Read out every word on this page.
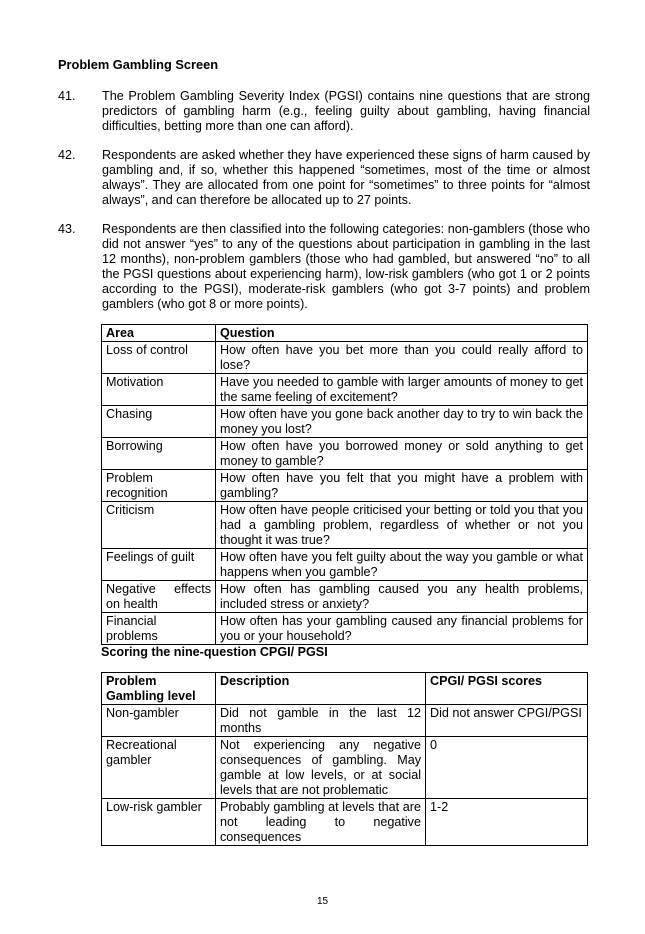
Problem Gambling Screen
41. The Problem Gambling Severity Index (PGSI) contains nine questions that are strong predictors of gambling harm (e.g., feeling guilty about gambling, having financial difficulties, betting more than one can afford).
42. Respondents are asked whether they have experienced these signs of harm caused by gambling and, if so, whether this happened “sometimes, most of the time or almost always”. They are allocated from one point for “sometimes” to three points for “almost always”, and can therefore be allocated up to 27 points.
43. Respondents are then classified into the following categories: non-gamblers (those who did not answer “yes” to any of the questions about participation in gambling in the last 12 months), non-problem gamblers (those who had gambled, but answered “no” to all the PGSI questions about experiencing harm), low-risk gamblers (who got 1 or 2 points according to the PGSI), moderate-risk gamblers (who got 3-7 points) and problem gamblers (who got 8 or more points).
Area	Question
Loss of control	How often have you bet more than you could really afford to lose?
Motivation	Have you needed to gamble with larger amounts of money to get the same feeling of excitement?
Chasing	How often have you gone back another day to try to win back the money you lost?
Borrowing	How often have you borrowed money or sold anything to get money to gamble?
Problem recognition	How often have you felt that you might have a problem with gambling?
Criticism	How often have people criticised your betting or told you that you had a gambling problem, regardless of whether or not you thought it was true?
Feelings of guilt	How often have you felt guilty about the way you gamble or what happens when you gamble?
Negative effects on health	How often has gambling caused you any health problems, included stress or anxiety?
Financial problems	How often has your gambling caused any financial problems for you or your household?
Scoring the nine-question CPGI/ PGSI
Problem Gambling level	Description	CPGI/ PGSI scores
Non-gambler	Did not gamble in the last 12 months	Did not answer CPGI/PGSI
Recreational gambler	Not experiencing any negative consequences of gambling. May gamble at low levels, or at social levels that are not problematic	0
Low-risk gambler	Probably gambling at levels that are not leading to negative consequences	1-2
15
